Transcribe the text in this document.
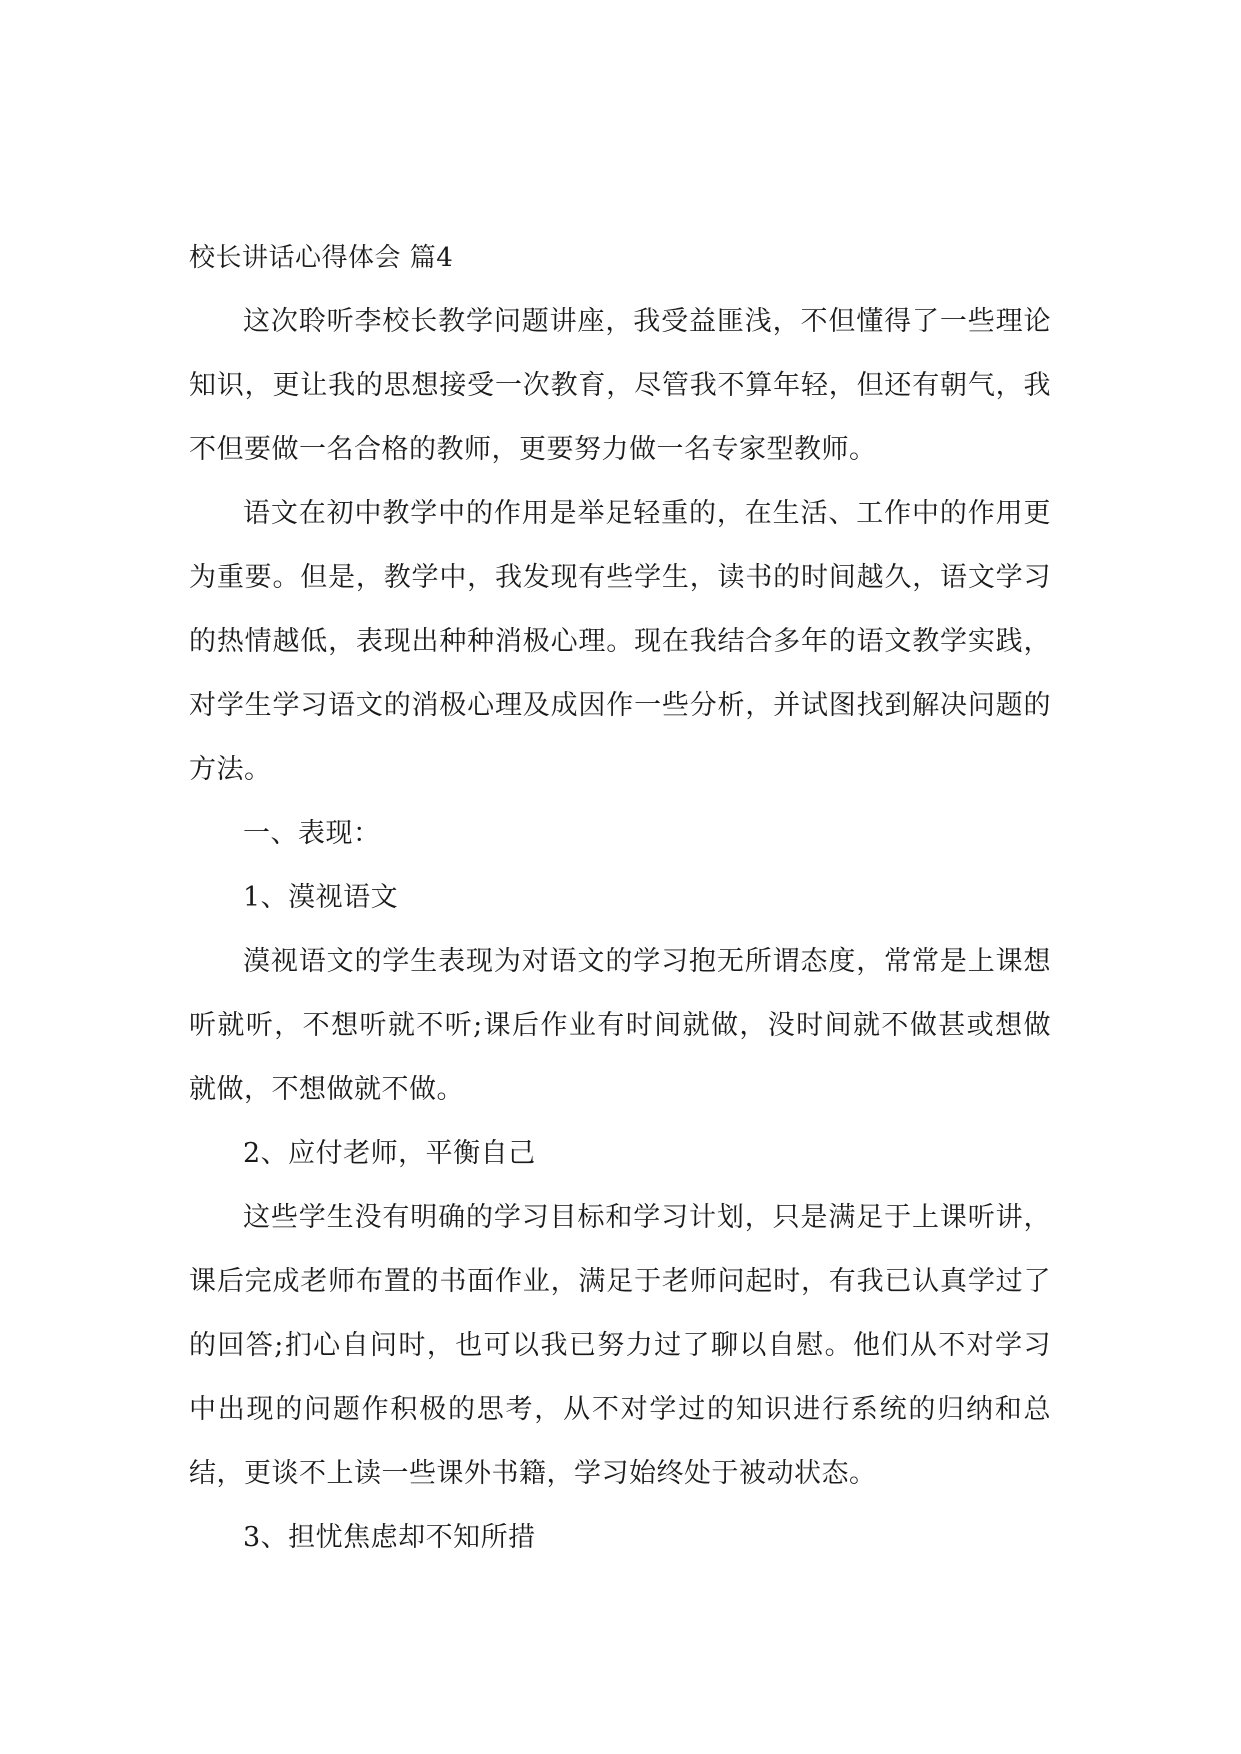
校长讲话心得体会 篇4

这次聆听李校长教学问题讲座，我受益匪浅，不但懂得了一些理论知识，更让我的思想接受一次教育，尽管我不算年轻，但还有朝气，我不但要做一名合格的教师，更要努力做一名专家型教师。

语文在初中教学中的作用是举足轻重的，在生活、工作中的作用更为重要。但是，教学中，我发现有些学生，读书的时间越久，语文学习的热情越低，表现出种种消极心理。现在我结合多年的语文教学实践，对学生学习语文的消极心理及成因作一些分析，并试图找到解决问题的方法。

一、表现：

1、漠视语文

漠视语文的学生表现为对语文的学习抱无所谓态度，常常是上课想听就听，不想听就不听;课后作业有时间就做，没时间就不做甚或想做就做，不想做就不做。

2、应付老师，平衡自己

这些学生没有明确的学习目标和学习计划，只是满足于上课听讲，课后完成老师布置的书面作业，满足于老师问起时，有我已认真学过了的回答;扪心自问时，也可以我已努力过了聊以自慰。他们从不对学习中出现的问题作积极的思考，从不对学过的知识进行系统的归纳和总结，更谈不上读一些课外书籍，学习始终处于被动状态。

3、担忧焦虑却不知所措
